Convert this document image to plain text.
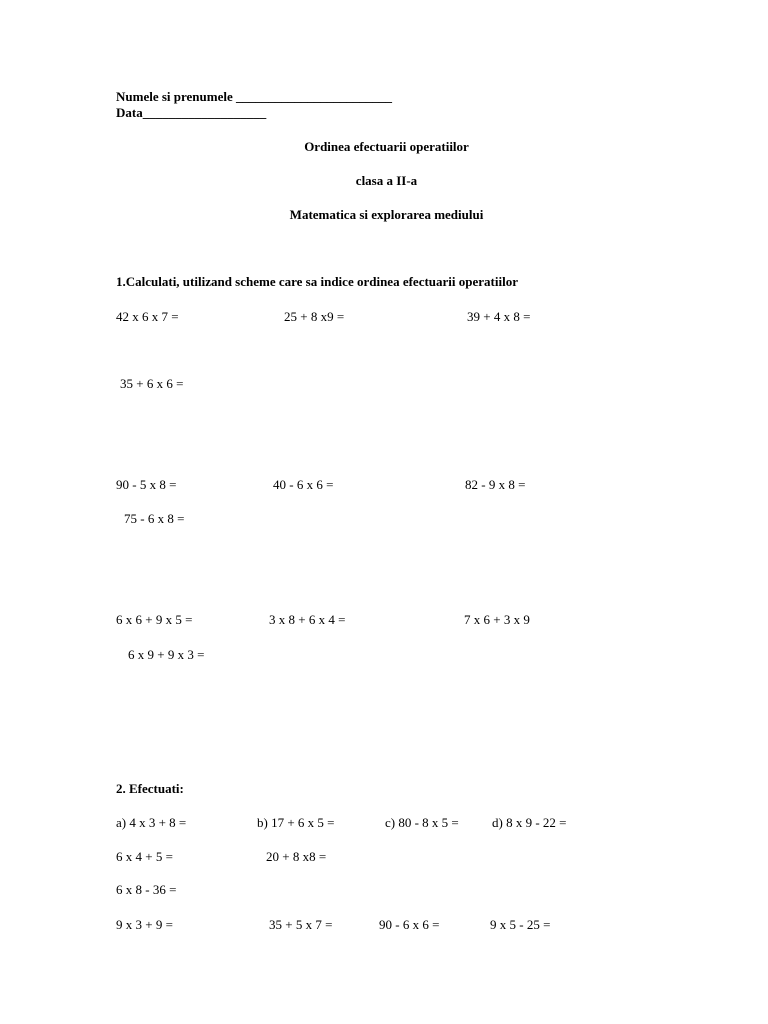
Numele si prenumele ________________________
Data___________________
Ordinea efectuarii operatiilor
clasa a II-a
Matematica si explorarea mediului
1.Calculati, utilizand scheme care sa indice ordinea efectuarii operatiilor
42 x 6 x 7 =	25 + 8 x9 =	39 + 4 x 8 =
35 + 6 x 6 =
90 - 5 x 8 =	40 - 6 x 6 =	82 - 9 x 8 =
75 - 6 x 8 =
6 x 6 + 9 x 5 =	3 x 8 + 6 x 4 =	7 x 6 + 3 x 9
6 x 9 + 9 x 3 =
2. Efectuati:
a) 4 x 3 + 8 =	b) 17 + 6 x 5 =	c) 80 - 8 x 5 =	d) 8 x 9 - 22 =
6 x 4 + 5 =	20 + 8 x8 =
6 x 8 - 36 =
9 x 3 + 9 =	35 + 5 x 7 =	90 - 6 x 6 =	9 x 5 - 25 =
